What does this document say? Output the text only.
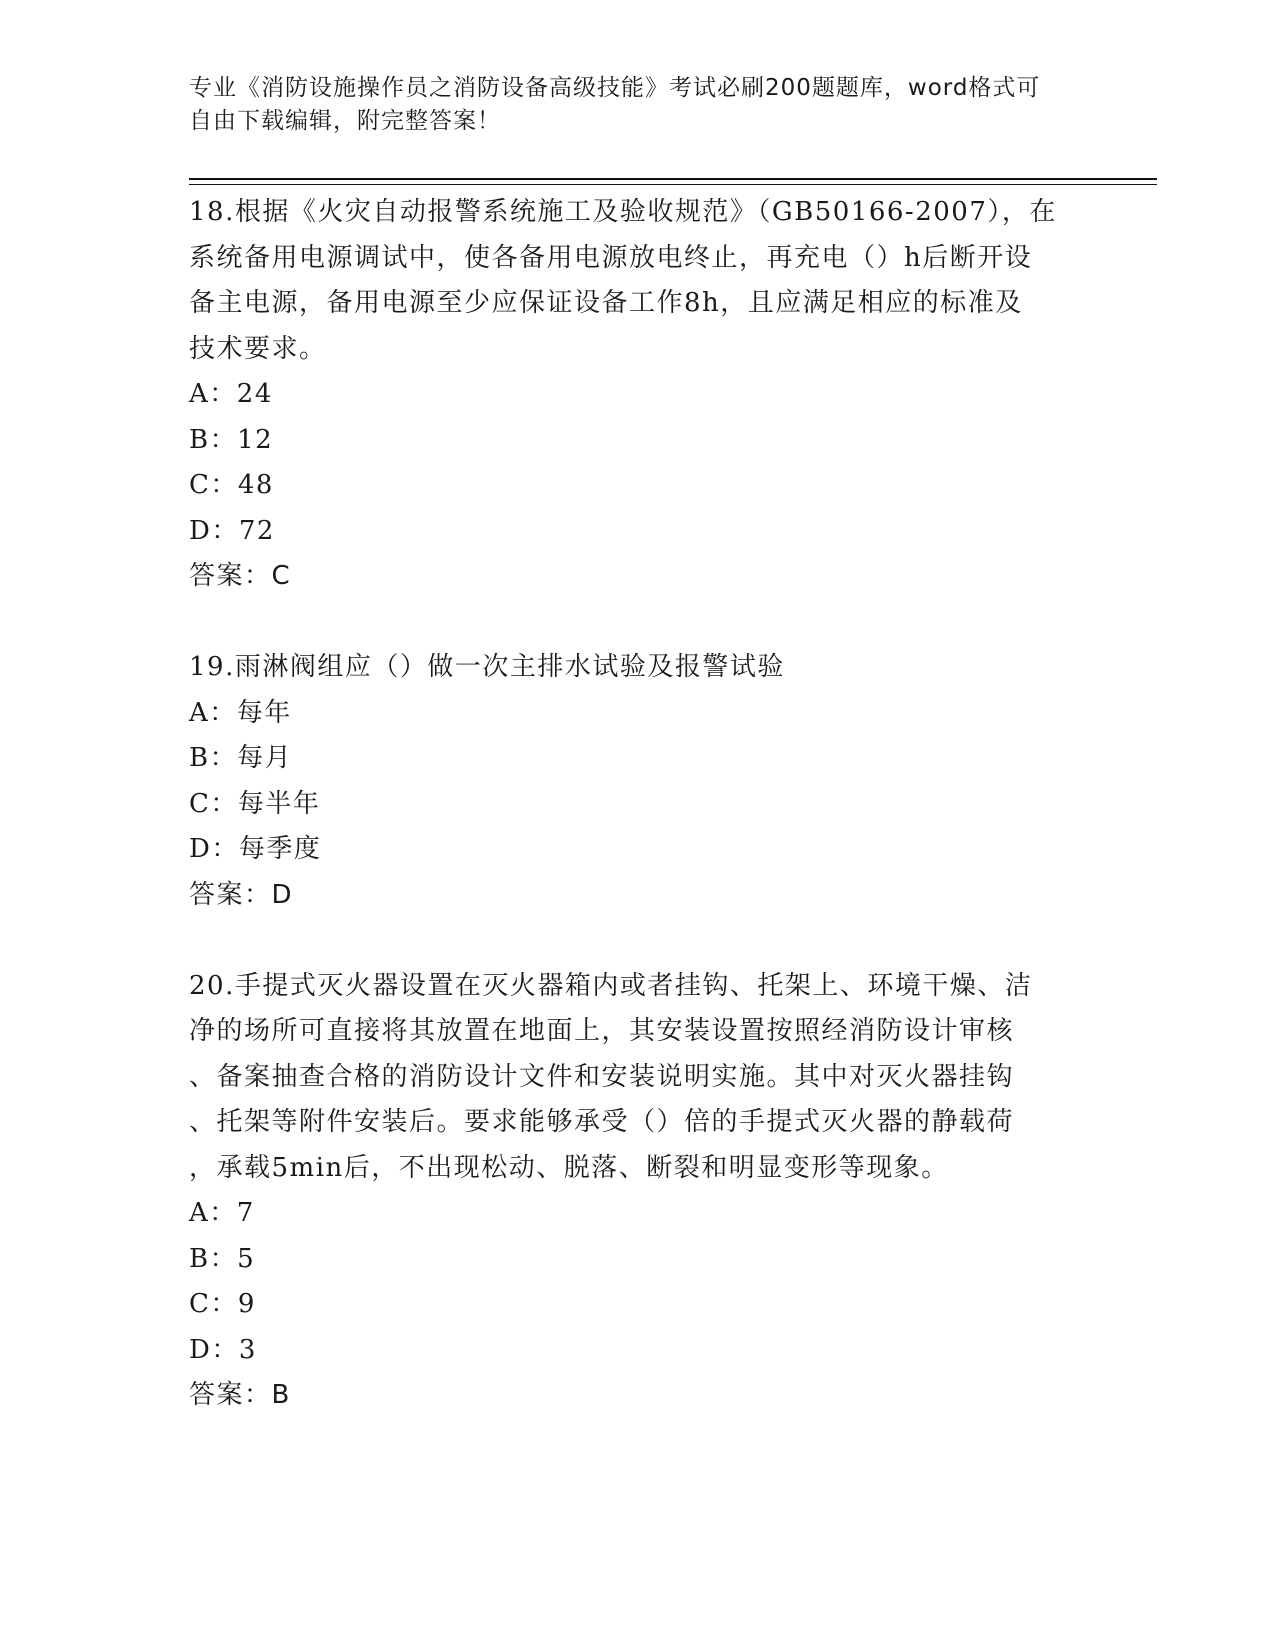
专业《消防设施操作员之消防设备高级技能》考试必刷200题题库，word格式可
自由下载编辑，附完整答案！
18.根据《火灾自动报警系统施工及验收规范》（GB50166-2007），在
系统备用电源调试中，使各备用电源放电终止，再充电（）h后断开设
备主电源，备用电源至少应保证设备工作8h，且应满足相应的标准及
技术要求。
A：24
B：12
C：48
D：72
答案：C
19.雨淋阀组应（）做一次主排水试验及报警试验
A：每年
B：每月
C：每半年
D：每季度
答案：D
20.手提式灭火器设置在灭火器箱内或者挂钩、托架上、环境干燥、洁
净的场所可直接将其放置在地面上，其安装设置按照经消防设计审核
、备案抽查合格的消防设计文件和安装说明实施。其中对灭火器挂钩
、托架等附件安装后。要求能够承受（）倍的手提式灭火器的静载荷
，承载5min后，不出现松动、脱落、断裂和明显变形等现象。
A：7
B：5
C：9
D：3
答案：B
